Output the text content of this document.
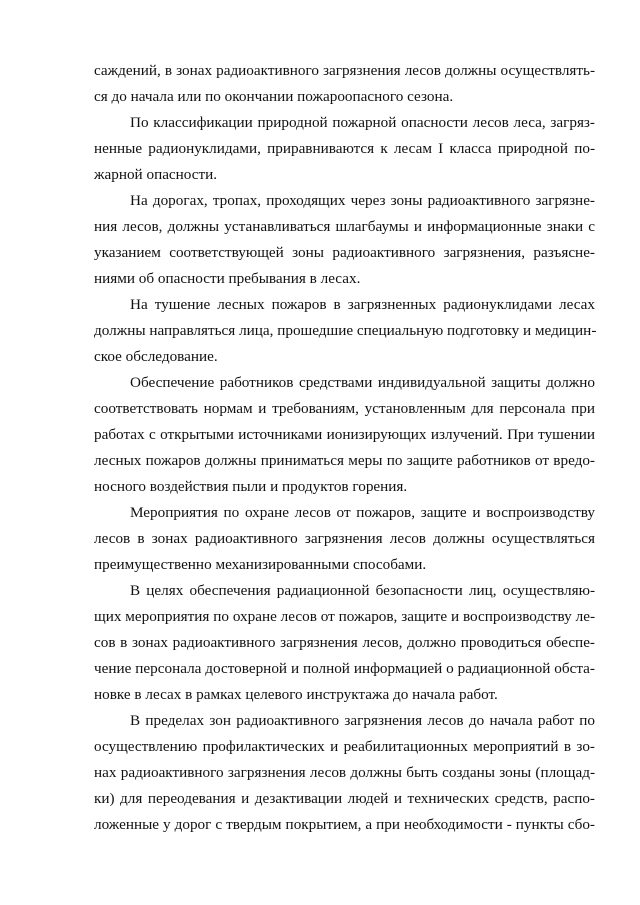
саждений, в зонах радиоактивного загрязнения лесов должны осуществлять-
ся до начала или по окончании пожароопасного сезона.
По классификации природной пожарной опасности лесов леса, загряз-
ненные радионуклидами, приравниваются к лесам I класса природной по-
жарной опасности.
На дорогах, тропах, проходящих через зоны радиоактивного загрязне-
ния лесов, должны устанавливаться шлагбаумы и информационные знаки с
указанием соответствующей зоны радиоактивного загрязнения, разъясне-
ниями об опасности пребывания в лесах.
На тушение лесных пожаров в загрязненных радионуклидами лесах
должны направляться лица, прошедшие специальную подготовку и медицин-
ское обследование.
Обеспечение работников средствами индивидуальной защиты должно
соответствовать нормам и требованиям, установленным для персонала при
работах с открытыми источниками ионизирующих излучений. При тушении
лесных пожаров должны приниматься меры по защите работников от вредо-
носного воздействия пыли и продуктов горения.
Мероприятия по охране лесов от пожаров, защите и воспроизводству
лесов в зонах радиоактивного загрязнения лесов должны осуществляться
преимущественно механизированными способами.
В целях обеспечения радиационной безопасности лиц, осуществляю-
щих мероприятия по охране лесов от пожаров, защите и воспроизводству ле-
сов в зонах радиоактивного загрязнения лесов, должно проводиться обеспе-
чение персонала достоверной и полной информацией о радиационной обста-
новке в лесах в рамках целевого инструктажа до начала работ.
В пределах зон радиоактивного загрязнения лесов до начала работ по
осуществлению профилактических и реабилитационных мероприятий в зо-
нах радиоактивного загрязнения лесов должны быть созданы зоны (площад-
ки) для переодевания и дезактивации людей и технических средств, распо-
ложенные у дорог с твердым покрытием, а при необходимости - пункты сбо-
